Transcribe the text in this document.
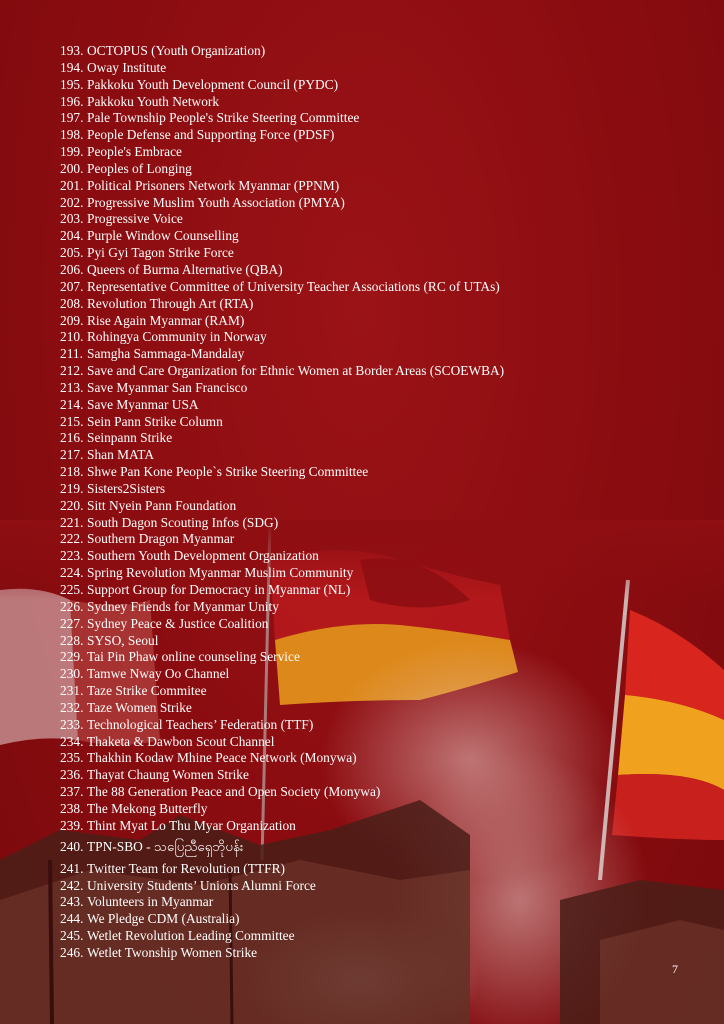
193. OCTOPUS (Youth Organization)
194. Oway Institute
195. Pakkoku Youth Development Council (PYDC)
196. Pakkoku Youth Network
197. Pale Township People's Strike Steering Committee
198. People Defense and Supporting Force (PDSF)
199. People's Embrace
200. Peoples of Longing
201. Political Prisoners Network Myanmar (PPNM)
202. Progressive Muslim Youth Association (PMYA)
203. Progressive Voice
204. Purple Window Counselling
205. Pyi Gyi Tagon Strike Force
206. Queers of Burma Alternative (QBA)
207. Representative Committee of University Teacher Associations (RC of UTAs)
208. Revolution Through Art (RTA)
209. Rise Again Myanmar (RAM)
210. Rohingya Community in Norway
211. Samgha Sammaga-Mandalay
212. Save and Care Organization for Ethnic Women at Border Areas (SCOEWBA)
213. Save Myanmar San Francisco
214. Save Myanmar USA
215. Sein Pann Strike Column
216. Seinpann Strike
217. Shan MATA
218. Shwe Pan Kone People`s Strike Steering Committee
219. Sisters2Sisters
220. Sitt Nyein Pann Foundation
221. South Dagon Scouting Infos (SDG)
222. Southern Dragon Myanmar
223. Southern Youth Development Organization
224. Spring Revolution Myanmar Muslim Community
225. Support Group for Democracy in Myanmar (NL)
226. Sydney Friends for Myanmar Unity
227. Sydney Peace & Justice Coalition
228. SYSO, Seoul
229. Tai Pin Phaw online counseling Service
230. Tamwe Nway Oo Channel
231. Taze Strike Commitee
232. Taze Women Strike
233. Technological Teachers’ Federation (TTF)
234. Thaketa & Dawbon Scout Channel
235. Thakhin Kodaw Mhine Peace Network (Monywa)
236. Thayat Chaung Women Strike
237. The 88 Generation Peace and Open Society (Monywa)
238. The Mekong Butterfly
239. Thint Myat Lo Thu Myar Organization
240. TPN-SBO - သပြေညီရှေဘိုပန်း
241. Twitter Team for Revolution (TTFR)
242. University Students’ Unions Alumni Force
243. Volunteers in Myanmar
244. We Pledge CDM (Australia)
245. Wetlet Revolution Leading Committee
246. Wetlet Twonship Women Strike
7
